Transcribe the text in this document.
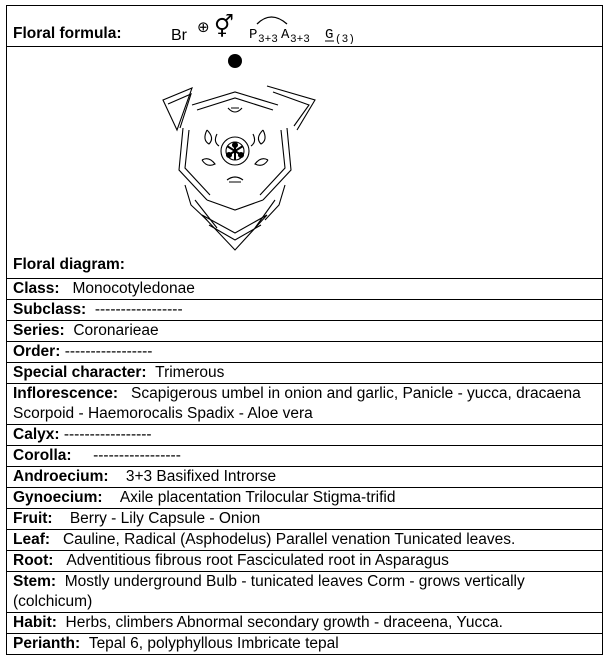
Floral formula:	Br ⊕ ⚥ P 3+3 A 3+3 G (3)

Floral diagram:

Class: Monocotyledonae
Subclass: -----------------
Series: Coronarieae
Order: -----------------
Special character: Trimerous
Inflorescence: Scapigerous umbel in onion and garlic, Panicle - yucca, dracaena Scorpoid - Haemorocalis Spadix - Aloe vera
Calyx: -----------------
Corolla: -----------------
Androecium: 3+3 Basifixed Introrse
Gynoecium: Axile placentation Trilocular Stigma-trifid
Fruit: Berry - Lily Capsule - Onion
Leaf: Cauline, Radical (Asphodelus) Parallel venation Tunicated leaves.
Root: Adventitious fibrous root Fasciculated root in Asparagus
Stem: Mostly underground Bulb - tunicated leaves Corm - grows vertically (colchicum)
Habit: Herbs, climbers Abnormal secondary growth - draceena, Yucca.
Perianth: Tepal 6, polyphyllous Imbricate tepal
